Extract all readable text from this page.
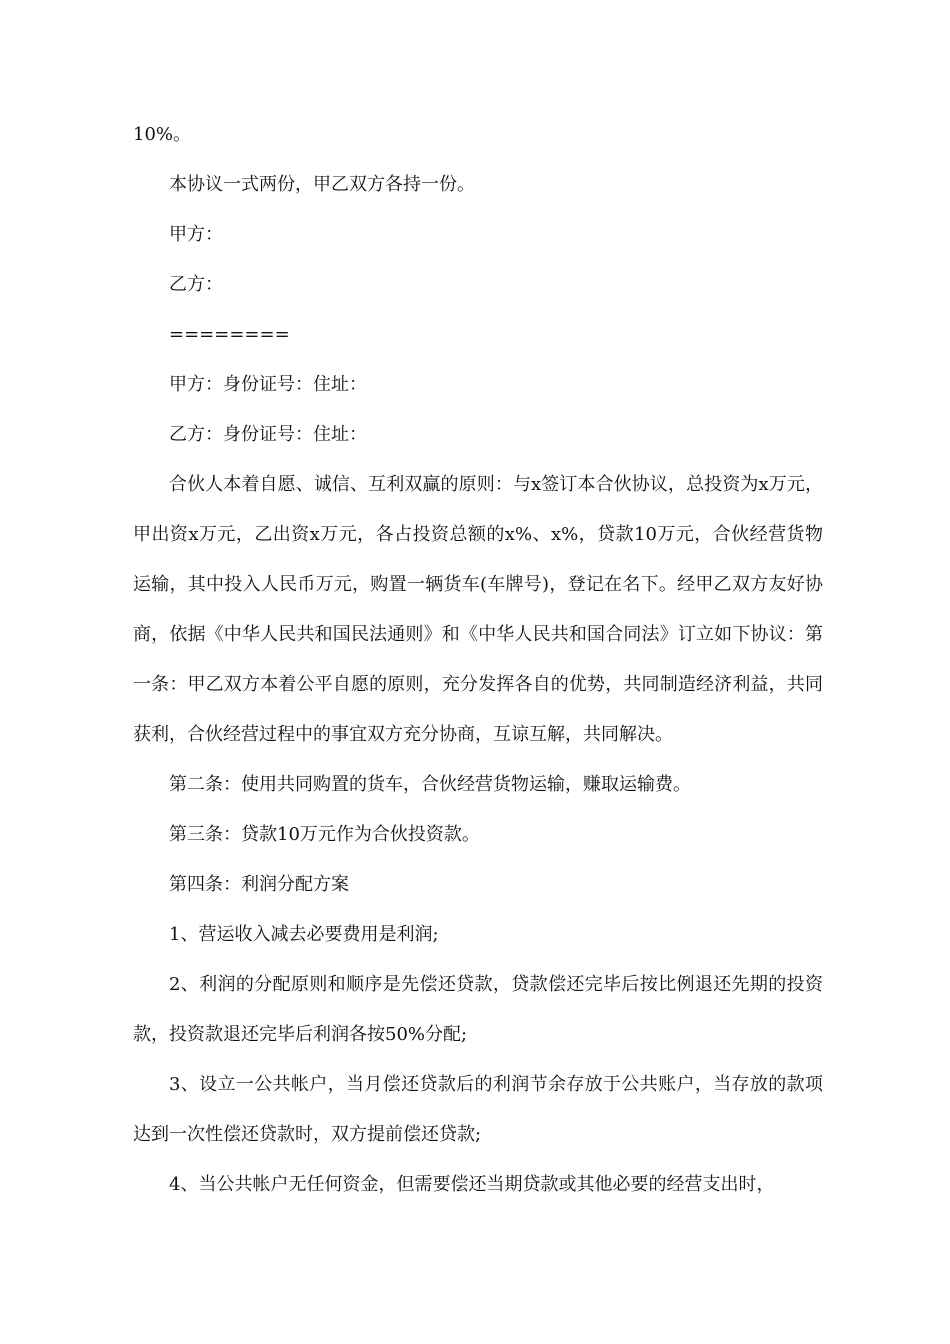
10%。

本协议一式两份，甲乙双方各持一份。

甲方：

乙方：

========

甲方：身份证号：住址：

乙方：身份证号：住址：

合伙人本着自愿、诚信、互利双赢的原则：与x签订本合伙协议，总投资为x万元，甲出资x万元，乙出资x万元，各占投资总额的x%、x%，贷款10万元，合伙经营货物运输，其中投入人民币万元，购置一辆货车(车牌号)，登记在名下。经甲乙双方友好协商，依据《中华人民共和国民法通则》和《中华人民共和国合同法》订立如下协议：第一条：甲乙双方本着公平自愿的原则，充分发挥各自的优势，共同制造经济利益，共同获利，合伙经营过程中的事宜双方充分协商，互谅互解，共同解决。

第二条：使用共同购置的货车，合伙经营货物运输，赚取运输费。

第三条：贷款10万元作为合伙投资款。

第四条：利润分配方案

1、营运收入减去必要费用是利润;

2、利润的分配原则和顺序是先偿还贷款，贷款偿还完毕后按比例退还先期的投资款，投资款退还完毕后利润各按50%分配;

3、设立一公共帐户，当月偿还贷款后的利润节余存放于公共账户，当存放的款项达到一次性偿还贷款时，双方提前偿还贷款;

4、当公共帐户无任何资金，但需要偿还当期贷款或其他必要的经营支出时，
